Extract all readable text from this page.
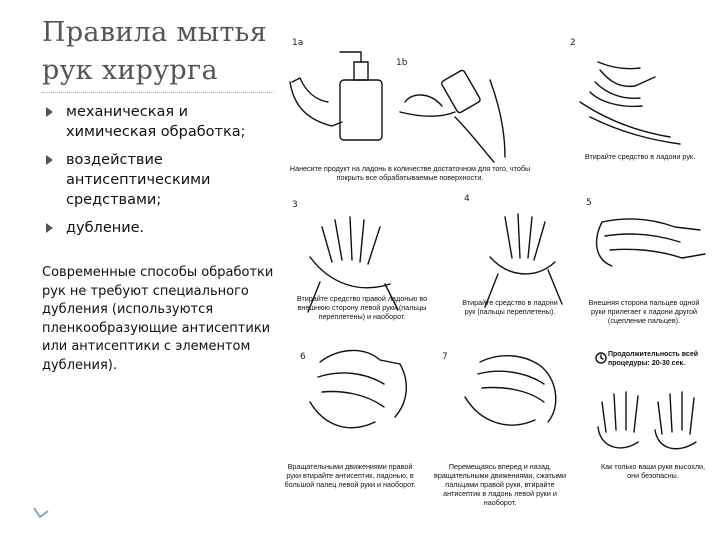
Правила мытья рук хирурга
механическая и химическая обработка;
воздействие антисептическими средствами;
дубление.
Современные способы обработки рук не требуют специального дубления (используются пленкообразующие антисептики или антисептики с элементом дубления).
1a
1b
2
3
4	5
6	7
Нанесите продукт на ладонь в количестве достаточном для того, чтобы покрыть все обрабатываемые поверхности.
Втирайте средство в ладони рук.
Втирайте средство правой ладонью во внешнюю сторону левой руки (пальцы переплетены) и наоборот.
Втирайте средство в ладони рук (пальцы переплетены).
Внешняя сторона пальцев одной руки прилегает к ладони другой (сцепление пальцев).
Продолжительность всей процедуры: 20-30 сек.
Вращательными движениями правой руки втирайте антисептик, ладонью, в большой палец левой руки и наоборот.
Перемещаясь вперед и назад, вращательными движениями, сжатыми пальцами правой руки, втирайте антисептик в ладонь левой руки и наоборот.
Как только ваши руки высохли, они безопасны.
